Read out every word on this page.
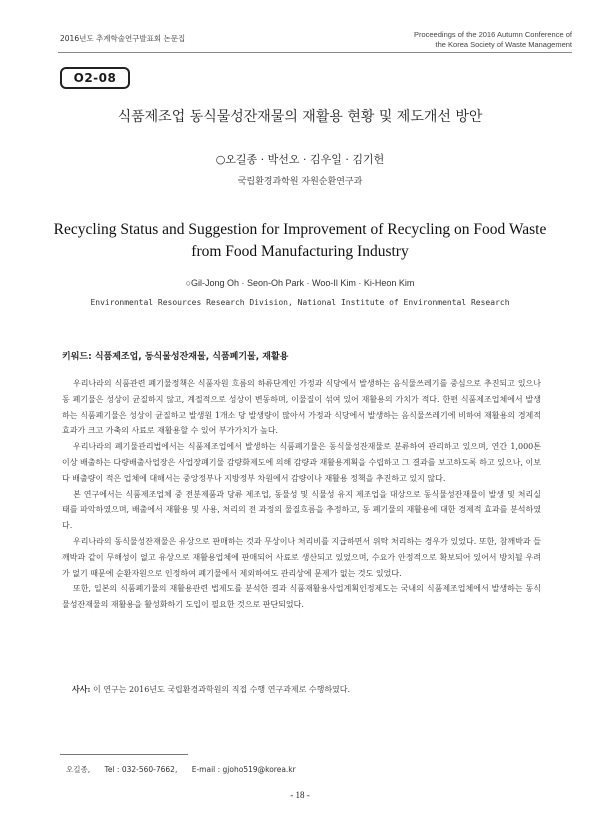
2016년도 추계학술연구발표회 논문집	Proceedings of the 2016 Autumn Conference of
the Korea Society of Waste Management
O2-08
식품제조업 동식물성잔재물의 재활용 현황 및 제도개선 방안
○오길종 · 박선오 · 김우일 · 김기헌
국립환경과학원 자원순환연구과
Recycling Status and Suggestion for Improvement of Recycling on Food Waste from Food Manufacturing Industry
○Gil-Jong Oh · Seon-Oh Park · Woo-Il Kim · Ki-Heon Kim
Environmental Resources Research Division, National Institute of Environmental Research
키워드: 식품제조업, 동식물성잔재물, 식품폐기물, 재활용

우리나라의 식품관련 폐기물정책은 식품자원 흐름의 하류단계인 가정과 식당에서 발생하는 음식물쓰레기를 중심으로 추진되고 있으나 동 폐기물은 성상이 균질하지 않고, 계절적으로 성상이 변동하며, 이물질이 섞여 있어 재활용의 가치가 적다. 한편 식품제조업체에서 발생하는 식품폐기물은 성상이 균질하고 발생원 1개소 당 발생량이 많아서 가정과 식당에서 발생하는 음식물쓰레기에 비하여 재활용의 경제적 효과가 크고 가축의 사료로 재활용할 수 있어 부가가치가 높다.

우리나라의 폐기물관리법에서는 식품제조업에서 발생하는 식품폐기물은 동식물성잔재물로 분류하여 관리하고 있으며, 연간 1,000톤 이상 배출하는 다량배출사업장은 사업장폐기물 감량화제도에 의해 감량과 재활용계획을 수립하고 그 결과를 보고하도록 하고 있으나, 이보다 배출량이 적은 업체에 대해서는 중앙정부나 지방정부 차원에서 감량이나 재활용 정책을 추진하고 있지 않다.

본 연구에서는 식품제조업체 중 전분제품과 당류 제조업, 동물성 및 식물성 유지 제조업을 대상으로 동식물성잔재물이 발생 및 처리실태를 파악하였으며, 배출에서 재활용 및 사용, 처리의 전 과정의 물질흐름을 추정하고, 동 폐기물의 재활용에 대한 경제적 효과를 분석하였다.

우리나라의 동식물성잔재물은 유상으로 판매하는 것과 무상이나 처리비를 지급하면서 위탁 처리하는 경우가 있었다. 또한, 참깨박과 들깨박과 같이 무해성이 없고 유상으로 재활용업체에 판매되어 사료로 생산되고 있었으며, 수요가 안정적으로 확보되어 있어서 방치될 우려가 없기 때문에 순환자원으로 인정하여 폐기물에서 제외하여도 관리상에 문제가 없는 것도 있었다.

또한, 일본의 식품폐기물의 재활용관련 법제도를 분석한 결과 식품재활용사업계획인정제도는 국내의 식품제조업체에서 발생하는 동식물성잔재물의 재활용을 활성화하기 도입이 필요한 것으로 판단되었다.

사사: 이 연구는 2016년도 국립환경과학원의 직접 수행 연구과제로 수행하였다.
오길종, Tel : 032-560-7662, E-mail : gjoho519@korea.kr
- 18 -
